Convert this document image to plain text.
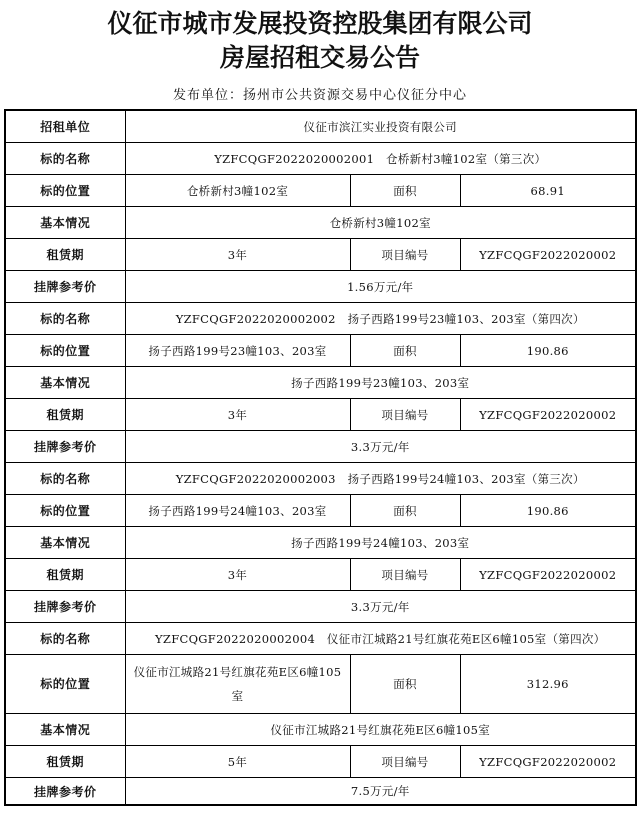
仪征市城市发展投资控股集团有限公司
房屋招租交易公告
发布单位：扬州市公共资源交易中心仪征分中心
招租单位	仪征市滨江实业投资有限公司		
标的名称	YZFCQGF2022020002001　仓桥新村3幢102室（第三次）		
标的位置	仓桥新村3幢102室	面积	68.91
基本情况	仓桥新村3幢102室		
租赁期	3年	项目编号	YZFCQGF2022020002
挂牌参考价	1.56万元/年		
标的名称	YZFCQGF2022020002002　扬子西路199号23幢103、203室（第四次）		
标的位置	扬子西路199号23幢103、203室	面积	190.86
基本情况	扬子西路199号23幢103、203室		
租赁期	3年	项目编号	YZFCQGF2022020002
挂牌参考价	3.3万元/年		
标的名称	YZFCQGF2022020002003　扬子西路199号24幢103、203室（第三次）		
标的位置	扬子西路199号24幢103、203室	面积	190.86
基本情况	扬子西路199号24幢103、203室		
租赁期	3年	项目编号	YZFCQGF2022020002
挂牌参考价	3.3万元/年		
标的名称	YZFCQGF2022020002004　仪征市江城路21号红旗花苑E区6幢105室（第四次）		
标的位置	仪征市江城路21号红旗花苑E区6幢105室	面积	312.96
基本情况	仪征市江城路21号红旗花苑E区6幢105室		
租赁期	5年	项目编号	YZFCQGF2022020002
挂牌参考价	7.5万元/年		
